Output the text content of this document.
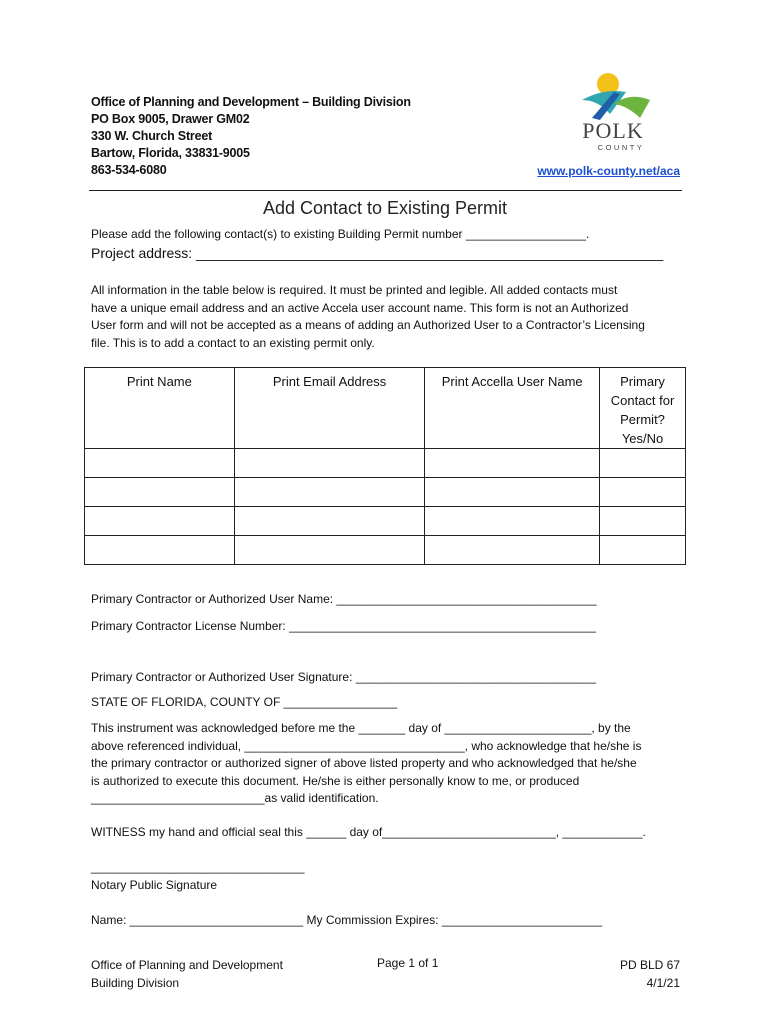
Office of Planning and Development – Building Division
PO Box 9005, Drawer GM02
330 W. Church Street
Bartow, Florida, 33831-9005
863-534-6080
POLK
COUNTY
www.polk-county.net/aca
Add Contact to Existing Permit
Please add the following contact(s) to existing Building Permit number __________________.
Project address: ____________________________________________________________
All information in the table below is required. It must be printed and legible. All added contacts must
have a unique email address and an active Accela user account name. This form is not an Authorized
User form and will not be accepted as a means of adding an Authorized User to a Contractor’s Licensing
file. This is to add a contact to an existing permit only.
Print Name	Print Email Address	Print Accella User Name	Primary
Contact for
Permit?
Yes/No

Primary Contractor or Authorized User Name: _______________________________________
Primary Contractor License Number: ______________________________________________
Primary Contractor or Authorized User Signature: ____________________________________
STATE OF FLORIDA, COUNTY OF _________________
This instrument was acknowledged before me the _______ day of ______________________, by the
above referenced individual, _________________________________, who acknowledge that he/she is
the primary contractor or authorized signer of above listed property and who acknowledged that he/she
is authorized to execute this document. He/she is either personally know to me, or produced
__________________________as valid identification.
WITNESS my hand and official seal this ______ day of__________________________, ____________.
________________________________
Notary Public Signature
Name: __________________________ My Commission Expires: ________________________
Office of Planning and Development
Building Division
Page 1 of 1	PD BLD 67
4/1/21
